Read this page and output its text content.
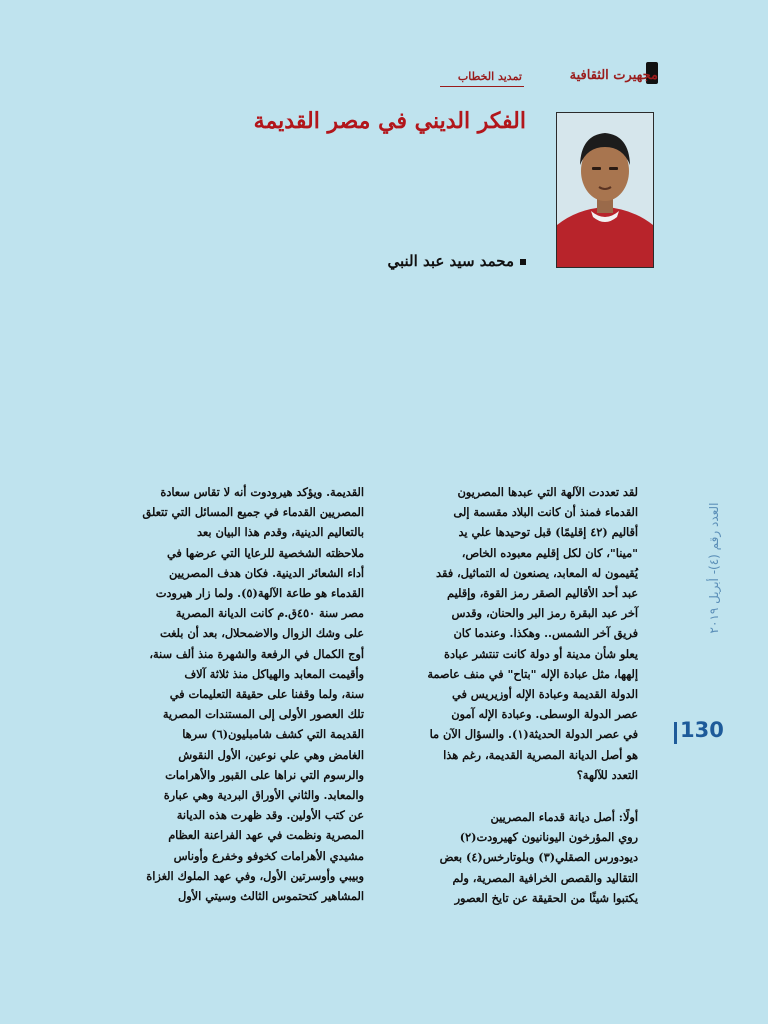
مجهيرت الثقافية
تمديد الخطاب
الفكر الديني في مصر القديمة
محمد سيد عبد النبي

لقد تعددت الآلهة التي عبدها المصريون

القدماء فمنذ أن كانت البلاد مقسمة إلى

أقاليم (٤٢ إقليمًا) قبل توحيدها علي يد

"مينا"، كان لكل إقليم معبوده الخاص،

يُقيمون له المعابد، يصنعون له التماثيل، فقد

عبد أحد الأقاليم الصقر رمز القوة، وإقليم

آخر عبد البقرة رمز البر والحنان، وقدس

فريق آخر الشمس.. وهكذا. وعندما كان

يعلو شأن مدينة أو دولة كانت تنتشر عبادة

إلهها، مثل عبادة الإله "بتاح" في منف عاصمة

الدولة القديمة وعبادة الإله أوزيريس في

عصر الدولة الوسطى. وعبادة الإله آمون

في عصر الدولة الحديثة(١). والسؤال الآن ما

هو أصل الديانة المصرية القديمة، رغم هذا

التعدد للآلهة؟

أولًا: أصل ديانة قدماء المصريين

روي المؤرخون اليونانيون كهيرودت(٢)

ديودورس الصقلي(٣) وبلوتارخس(٤) بعض

التقاليد والقصص الخرافية المصرية، ولم

يكتبوا شيئًا من الحقيقة عن تايخ العصور

القديمة. ويؤكد هيرودوت أنه لا تقاس سعادة

المصريين القدماء في جميع المسائل التي تتعلق

بالتعاليم الدينية، وقدم هذا البيان بعد

ملاحظته الشخصية للرعايا التي عرضها في

أداء الشعائر الدينية. فكان هدف المصريين

القدماء هو طاعة الآلهة(٥). ولما زار هيرودت

مصر سنة ٤٥٠ق.م كانت الديانة المصرية

على وشك الزوال والاضمحلال، بعد أن بلغت

أوج الكمال في الرفعة والشهرة منذ ألف سنة،

وأقيمت المعابد والهياكل منذ ثلاثة آلاف

سنة، ولما وقفنا على حقيقة التعليمات في

تلك العصور الأولى إلى المستندات المصرية

القديمة التي كشف شامبليون(٦) سرها

الغامض وهي علي نوعين، الأول النقوش

والرسوم التي نراها على القبور والأهرامات

والمعابد. والثاني الأوراق البردية وهي عبارة

عن كتب الأولين. وقد ظهرت هذه الديانة

المصرية ونظمت في عهد الفراعنة العظام

مشيدي الأهرامات كخوفو وخفرع وأوناس

وبيبي وأوسرتين الأول، وفي عهد الملوك الغزاة

المشاهير كتحتموس الثالث وسيتي الأول

العدد رقم (٤)- أبريل ٢٠١٩
130
